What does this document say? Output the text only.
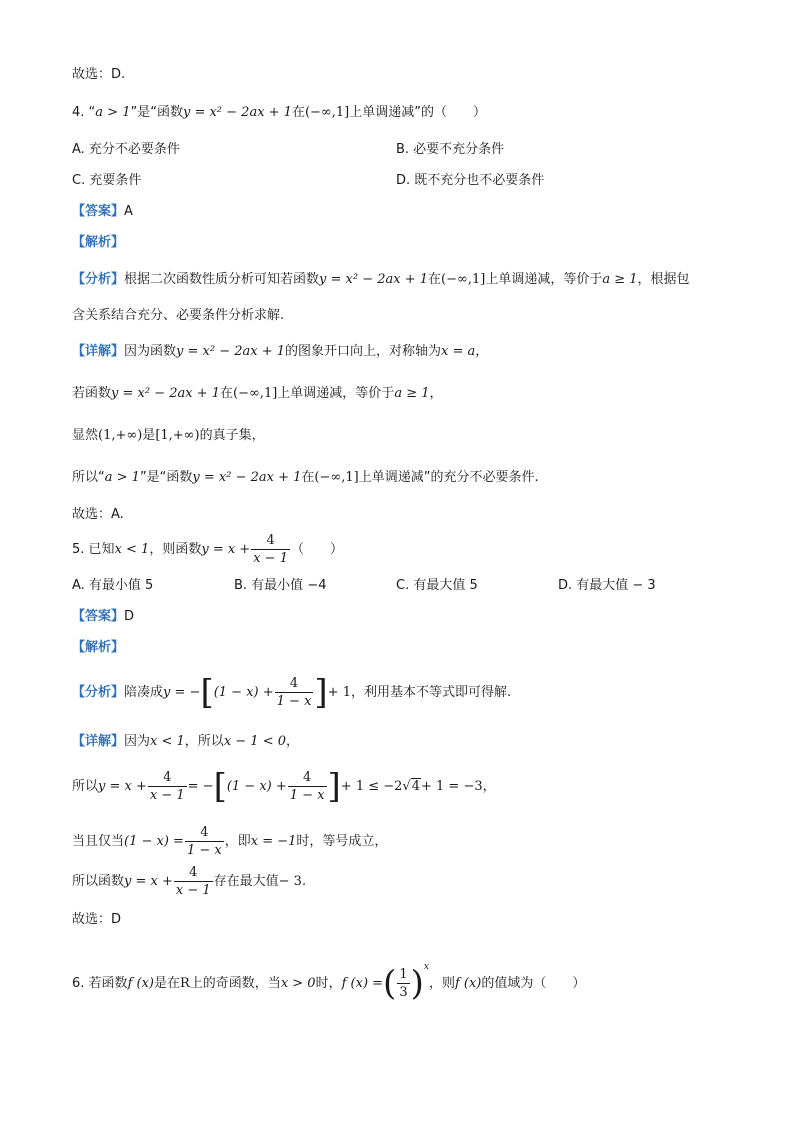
故选：D.
4. “a > 1”是“函数y = x² − 2ax + 1在(−∞,1]上单调递减”的（　　）
A. 充分不必要条件	B. 必要不充分条件
C. 充要条件	D. 既不充分也不必要条件
【答案】A
【解析】
【分析】根据二次函数性质分析可知若函数y = x² − 2ax + 1在(−∞,1]上单调递减，等价于a ≥ 1，根据包
含关系结合充分、必要条件分析求解.
【详解】因为函数y = x² − 2ax + 1的图象开口向上，对称轴为x = a，
若函数y = x² − 2ax + 1在(−∞,1]上单调递减，等价于a ≥ 1，
显然(1,+∞)是[1,+∞)的真子集，
所以“a > 1”是“函数y = x² − 2ax + 1在(−∞,1]上单调递减”的充分不必要条件.
故选：A.
5. 已知x < 1，则函数$y = x + \frac{4}{x - 1}$ （　　）
A. 有最小值 5	B. 有最小值 −4	C. 有最大值 5	D. 有最大值 − 3
【答案】D
【解析】
【分析】陪凑成$y = -[(1 - x) + \frac{4}{1 - x}$ ]+ 1，利用基本不等式即可得解.
【详解】因为x < 1，所以x − 1 < 0，
所以$y = x + \frac{4}{x - 1} = -[(1 - x) + \frac{4}{1 - x}$ ]+ 1 ≤ −2√4+ 1 = −3，
当且仅当$(1 - x) = \frac{4}{1 - x}$ ，即x = −1时，等号成立，
所以函数$y = x + \frac{4}{x - 1}$ 存在最大值− 3.
故选：D
6. 若函数f (x)是在R上的奇函数，当x > 0时，f (x) =( $\frac{1}{3} )^x$，则f (x)的值域为（　　）
